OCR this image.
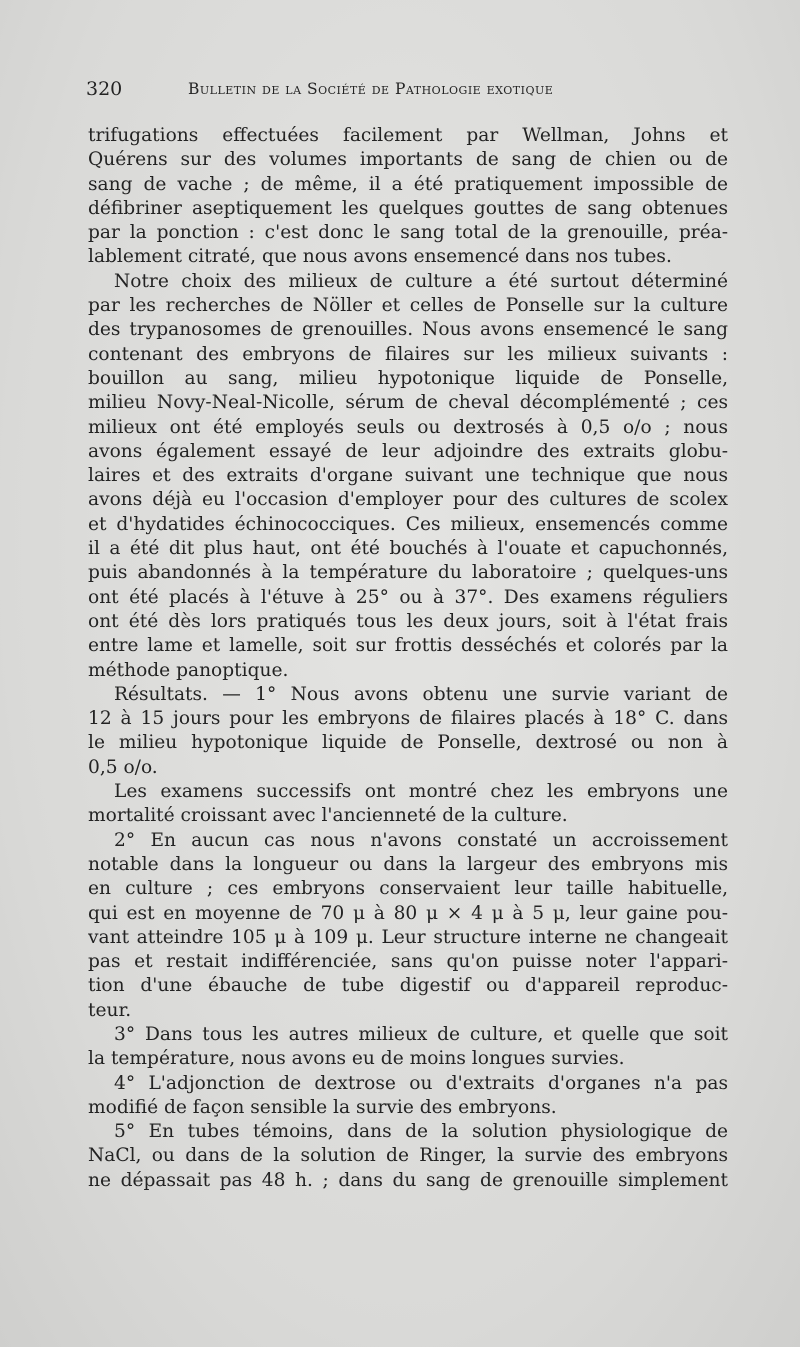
320	Bulletin de la Société de Pathologie exotique
trifugations effectuées facilement par Wellman, Johns et
Quérens sur des volumes importants de sang de chien ou de
sang de vache ; de même, il a été pratiquement impossible de
défibriner aseptiquement les quelques gouttes de sang obtenues
par la ponction : c'est donc le sang total de la grenouille, préa-
lablement citraté, que nous avons ensemencé dans nos tubes.
Notre choix des milieux de culture a été surtout déterminé
par les recherches de Nöller et celles de Ponselle sur la culture
des trypanosomes de grenouilles. Nous avons ensemencé le sang
contenant des embryons de filaires sur les milieux suivants :
bouillon au sang, milieu hypotonique liquide de Ponselle,
milieu Novy-Neal-Nicolle, sérum de cheval décomplémenté ; ces
milieux ont été employés seuls ou dextrosés à 0,5 o/o ; nous
avons également essayé de leur adjoindre des extraits globu-
laires et des extraits d'organe suivant une technique que nous
avons déjà eu l'occasion d'employer pour des cultures de scolex
et d'hydatides échinococciques. Ces milieux, ensemencés comme
il a été dit plus haut, ont été bouchés à l'ouate et capuchonnés,
puis abandonnés à la température du laboratoire ; quelques-uns
ont été placés à l'étuve à 25° ou à 37°. Des examens réguliers
ont été dès lors pratiqués tous les deux jours, soit à l'état frais
entre lame et lamelle, soit sur frottis desséchés et colorés par la
méthode panoptique.
Résultats. — 1° Nous avons obtenu une survie variant de
12 à 15 jours pour les embryons de filaires placés à 18° C. dans
le milieu hypotonique liquide de Ponselle, dextrosé ou non à
0,5 o/o.
Les examens successifs ont montré chez les embryons une
mortalité croissant avec l'ancienneté de la culture.
2° En aucun cas nous n'avons constaté un accroissement
notable dans la longueur ou dans la largeur des embryons mis
en culture ; ces embryons conservaient leur taille habituelle,
qui est en moyenne de 70 μ à 80 μ × 4 μ à 5 μ, leur gaine pou-
vant atteindre 105 μ à 109 μ. Leur structure interne ne changeait
pas et restait indifférenciée, sans qu'on puisse noter l'appari-
tion d'une ébauche de tube digestif ou d'appareil reproduc-
teur.
3° Dans tous les autres milieux de culture, et quelle que soit
la température, nous avons eu de moins longues survies.
4° L'adjonction de dextrose ou d'extraits d'organes n'a pas
modifié de façon sensible la survie des embryons.
5° En tubes témoins, dans de la solution physiologique de
NaCl, ou dans de la solution de Ringer, la survie des embryons
ne dépassait pas 48 h. ; dans du sang de grenouille simplement
